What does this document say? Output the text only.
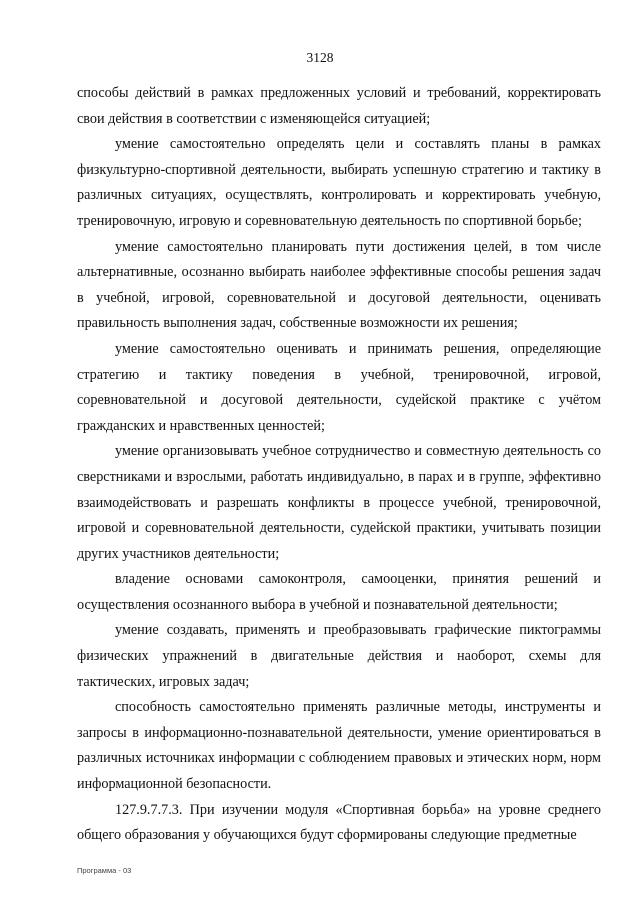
3128

способы действий в рамках предложенных условий и требований, корректировать свои действия в соответствии с изменяющейся ситуацией;

умение самостоятельно определять цели и составлять планы в рамках физкультурно-спортивной деятельности, выбирать успешную стратегию и тактику в различных ситуациях, осуществлять, контролировать и корректировать учебную, тренировочную, игровую и соревновательную деятельность по спортивной борьбе;

умение самостоятельно планировать пути достижения целей, в том числе альтернативные, осознанно выбирать наиболее эффективные способы решения задач в учебной, игровой, соревновательной и досуговой деятельности, оценивать правильность выполнения задач, собственные возможности их решения;

умение самостоятельно оценивать и принимать решения, определяющие стратегию и тактику поведения в учебной, тренировочной, игровой, соревновательной и досуговой деятельности, судейской практике с учётом гражданских и нравственных ценностей;

умение организовывать учебное сотрудничество и совместную деятельность со сверстниками и взрослыми, работать индивидуально, в парах и в группе, эффективно взаимодействовать и разрешать конфликты в процессе учебной, тренировочной, игровой и соревновательной деятельности, судейской практики, учитывать позиции других участников деятельности;

владение основами самоконтроля, самооценки, принятия решений и осуществления осознанного выбора в учебной и познавательной деятельности;

умение создавать, применять и преобразовывать графические пиктограммы физических упражнений в двигательные действия и наоборот, схемы для тактических, игровых задач;

способность самостоятельно применять различные методы, инструменты и запросы в информационно-познавательной деятельности, умение ориентироваться в различных источниках информации с соблюдением правовых и этических норм, норм информационной безопасности.

127.9.7.7.3. При изучении модуля «Спортивная борьба» на уровне среднего общего образования у обучающихся будут сформированы следующие предметные

Программа - 03
